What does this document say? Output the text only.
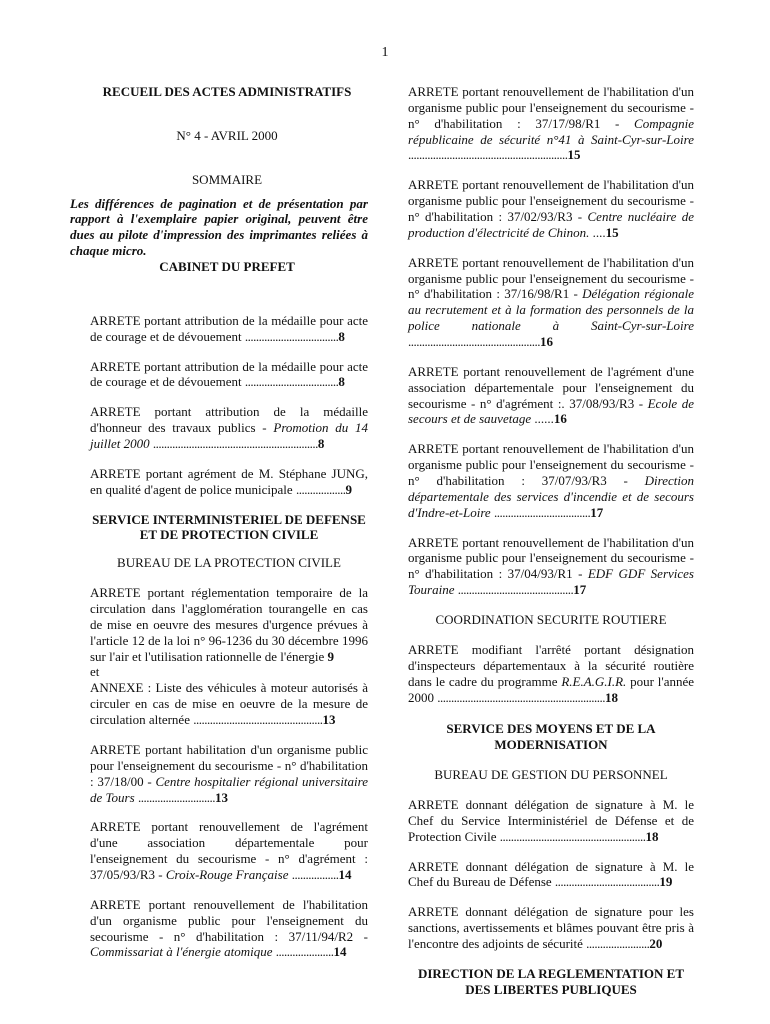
1

RECUEIL DES ACTES ADMINISTRATIFS

N° 4 - AVRIL 2000

SOMMAIRE

Les différences de pagination et de présentation par rapport à l'exemplaire papier original, peuvent être dues au pilote d'impression des imprimantes reliées à chaque micro.

CABINET DU PREFET

ARRETE portant attribution de la médaille pour acte de courage et de dévouement ..................................8

ARRETE portant attribution de la médaille pour acte de courage et de dévouement ..................................8

ARRETE portant attribution de la médaille d'honneur des travaux publics - Promotion du 14 juillet 2000 ............................................................8

ARRETE portant agrément de M. Stéphane JUNG, en qualité d'agent de police municipale ..................9

SERVICE INTERMINISTERIEL DE DEFENSE ET DE PROTECTION CIVILE

BUREAU DE LA PROTECTION CIVILE

ARRETE portant réglementation temporaire de la circulation dans l'agglomération tourangelle en cas de mise en oeuvre des mesures d'urgence prévues à l'article 12 de la loi n° 96-1236 du 30 décembre 1996 sur l'air et l'utilisation rationnelle de l'énergie 9

et

ANNEXE : Liste des véhicules à moteur autorisés à circuler en cas de mise en oeuvre de la mesure de circulation alternée ...............................................13

ARRETE portant habilitation d'un organisme public pour l'enseignement du secourisme - n° d'habilitation : 37/18/00 - Centre hospitalier régional universitaire de Tours ............................13

ARRETE portant renouvellement de l'agrément d'une association départementale pour l'enseignement du secourisme - n° d'agrément : 37/05/93/R3 - Croix-Rouge Française .................14

ARRETE portant renouvellement de l'habilitation d'un organisme public pour l'enseignement du secourisme - n° d'habilitation : 37/11/94/R2 - Commissariat à l'énergie atomique .....................14

ARRETE portant renouvellement de l'habilitation d'un organisme public pour l'enseignement du secourisme - n° d'habilitation : 37/17/98/R1 - Compagnie républicaine de sécurité n°41 à Saint-Cyr-sur-Loire ..........................................................15

ARRETE portant renouvellement de l'habilitation d'un organisme public pour l'enseignement du secourisme - n° d'habilitation : 37/02/93/R3 - Centre nucléaire de production d'électricité de Chinon. ....15

ARRETE portant renouvellement de l'habilitation d'un organisme public pour l'enseignement du secourisme - n° d'habilitation : 37/16/98/R1 - Délégation régionale au recrutement et à la formation des personnels de la police nationale à Saint-Cyr-sur-Loire ................................................16

ARRETE portant renouvellement de l'agrément d'une association départementale pour l'enseignement du secourisme - n° d'agrément :. 37/08/93/R3 - Ecole de secours et de sauvetage ......16

ARRETE portant renouvellement de l'habilitation d'un organisme public pour l'enseignement du secourisme - n° d'habilitation : 37/07/93/R3 - Direction départementale des services d'incendie et de secours d'Indre-et-Loire ...................................17

ARRETE portant renouvellement de l'habilitation d'un organisme public pour l'enseignement du secourisme - n° d'habilitation : 37/04/93/R1 - EDF GDF Services Touraine ..........................................17

COORDINATION SECURITE ROUTIERE

ARRETE modifiant l'arrêté portant désignation d'inspecteurs départementaux à la sécurité routière dans le cadre du programme R.E.A.G.I.R. pour l'année 2000 .............................................................18

SERVICE DES MOYENS ET DE LA MODERNISATION

BUREAU DE GESTION DU PERSONNEL

ARRETE donnant délégation de signature à M. le Chef du Service Interministériel de Défense et de Protection Civile .....................................................18

ARRETE donnant délégation de signature à M. le Chef du Bureau de Défense ......................................19

ARRETE donnant délégation de signature pour les sanctions, avertissements et blâmes pouvant être pris à l'encontre des adjoints de sécurité .......................20

DIRECTION DE LA REGLEMENTATION ET DES LIBERTES PUBLIQUES
